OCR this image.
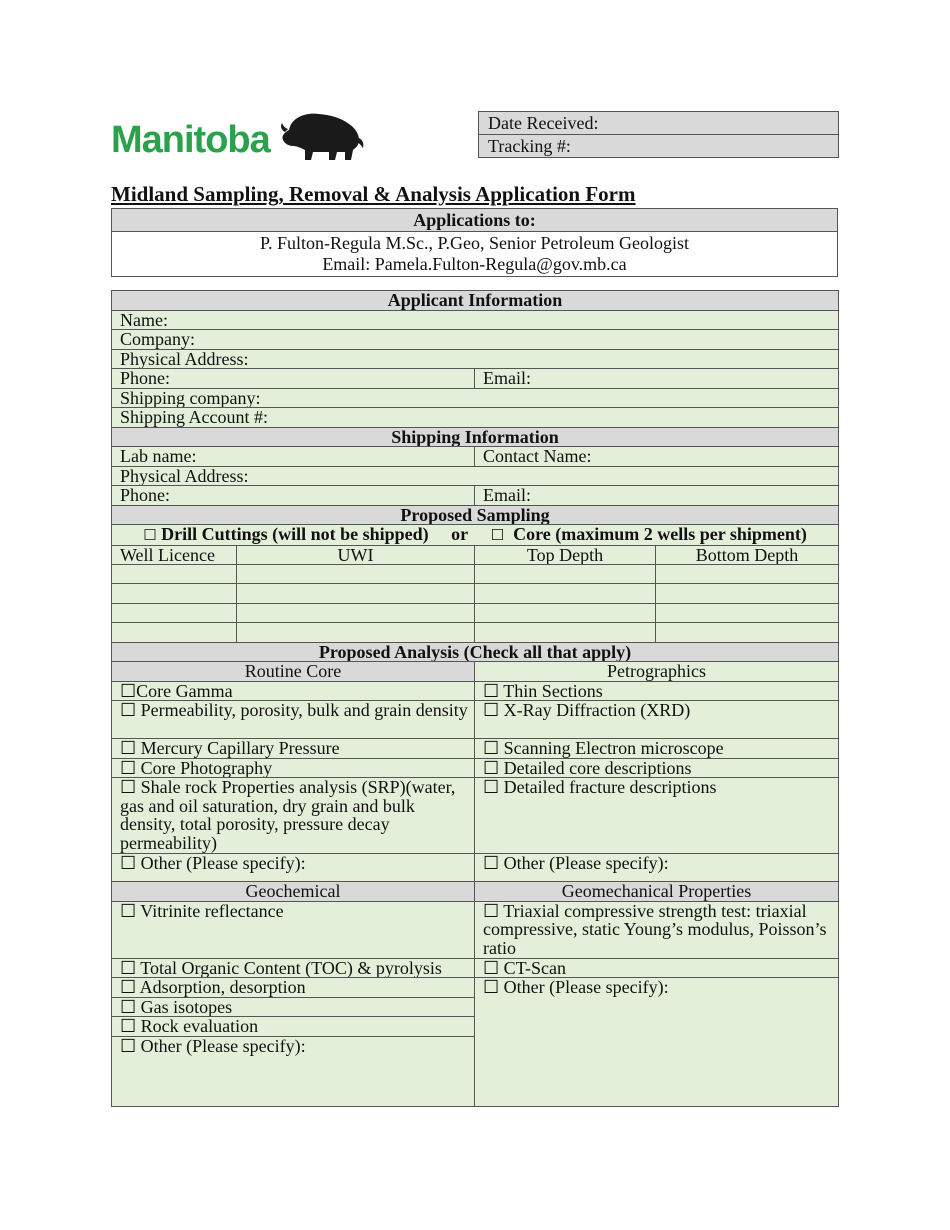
Manitoba	Date Received:
Tracking #:
Midland Sampling, Removal & Analysis Application Form
Applications to:
P. Fulton-Regula M.Sc., P.Geo, Senior Petroleum Geologist
Email: Pamela.Fulton-Regula@gov.mb.ca
Applicant Information			
Name:			
Company:			
Physical Address:			
Phone:		Email:	
Shipping company:			
Shipping Account #:			
Shipping Information			
Lab name:		Contact Name:	
Physical Address:			
Phone:		Email:	
Proposed Sampling			
☐ Drill Cuttings (will not be shipped) or ☐ Core (maximum 2 wells per shipment)			
Well Licence	UWI	Top Depth	Bottom Depth

Proposed Analysis (Check all that apply)			
Routine Core		Petrographics	
☐Core Gamma		☐ Thin Sections	
☐ Permeability, porosity, bulk and grain density		☐ X-Ray Diffraction (XRD)	
☐ Mercury Capillary Pressure		☐ Scanning Electron microscope	
☐ Core Photography		☐ Detailed core descriptions	
☐ Shale rock Properties analysis (SRP)(water, gas and oil saturation, dry grain and bulk density, total porosity, pressure decay permeability)		☐ Detailed fracture descriptions	
☐ Other (Please specify):		☐ Other (Please specify):	
Geochemical		Geomechanical Properties	
☐ Vitrinite reflectance		☐ Triaxial compressive strength test: triaxial compressive, static Young’s modulus, Poisson’s ratio	
☐ Total Organic Content (TOC) & pyrolysis		☐ CT-Scan	
☐ Adsorption, desorption		☐ Other (Please specify):	
☐ Gas isotopes			
☐ Rock evaluation			
☐ Other (Please specify):			
